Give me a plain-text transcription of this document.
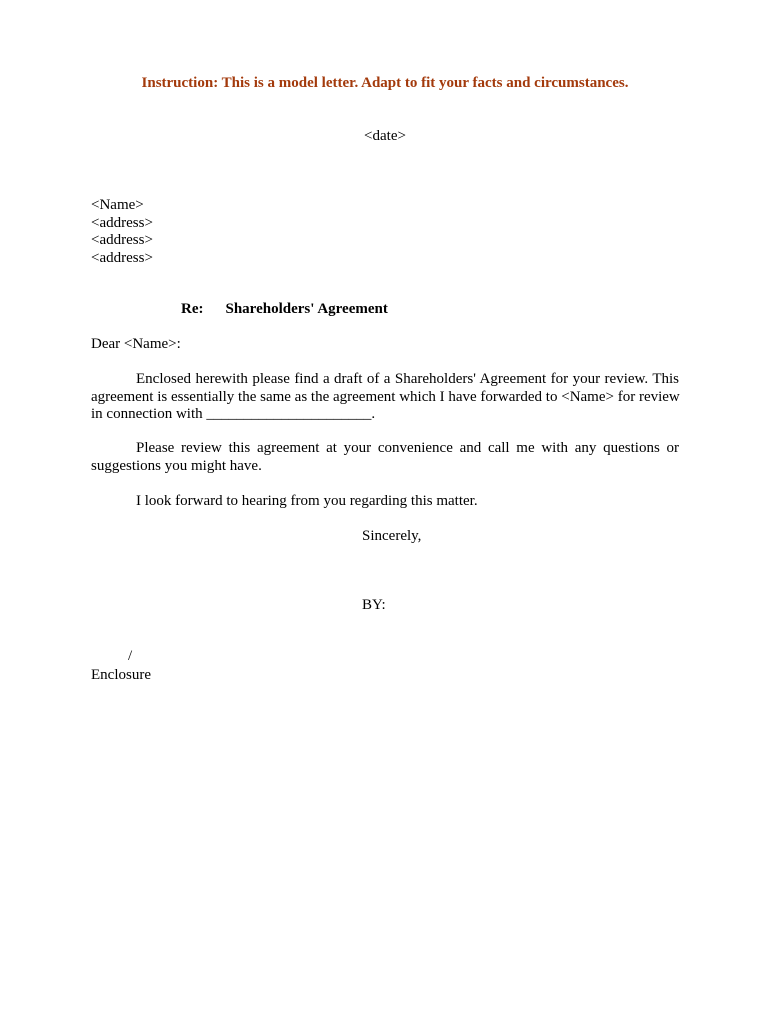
Instruction: This is a model letter. Adapt to fit your facts and circumstances.
<date>
<Name>
<address>
<address>
<address>
Re: Shareholders' Agreement
Dear <Name>:
Enclosed herewith please find a draft of a Shareholders' Agreement for your review. This
agreement is essentially the same as the agreement which I have forwarded to <Name> for review
in connection with ______________________.
Please review this agreement at your convenience and call me with any questions or
suggestions you might have.
I look forward to hearing from you regarding this matter.
Sincerely,
BY:
/
Enclosure
